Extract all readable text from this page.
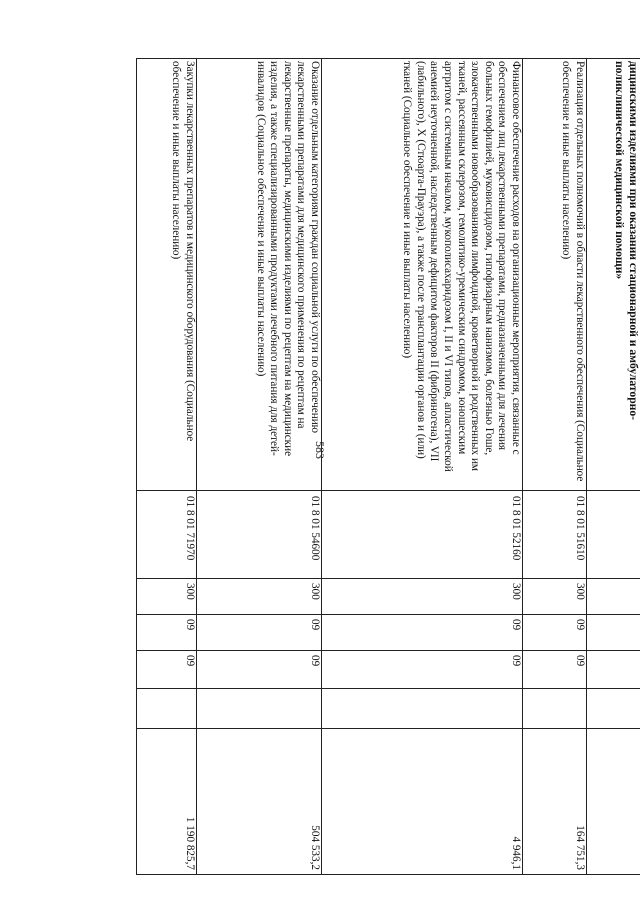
583
дицинскими изделиями при оказании стационарной и амбулаторно-поликлинической медицинской помощи»						
Реализация отдельных полномочий в области лекарственного обеспечения (Социальное обеспечение и иные выплаты населению)	01 8 01 51610	300	09	09		164 751,3
Финансовое обеспечение расходов на организационные мероприятия, связанные с обеспечением лиц лекарственными препаратами, предназначенными для лечения больных гемофилией, муковисцидозом, гипофизарным нанизмом, болезнью Гоше, злокачественными новообразованиями лимфоидной, кроветворной и родственных им тканей, рассеянным склерозом, гемолитико-уремическим синдромом, юношеским артритом с системным началом, мукополисахаридозом I, II и VI типов, апластической анемией неуточненной, наследственным дефицитом факторов II (фибриногена), VII (лабильного), X (Стюарта-Прауэра), а также после трансплантации органов и (или) тканей (Социальное обеспечение и иные выплаты населению)	01 8 01 52160	300	09	09		4 946,1
Оказание отдельным категориям граждан социальной услуги по обеспечению лекарственными препаратами для медицинского применения по рецептам на лекарственные препараты, медицинскими изделиями по рецептам на медицинские изделия, а также специализированными продуктами лечебного питания для детей-инвалидов (Социальное обеспечение и иные выплаты населению)	01 8 01 54600	300	09	09		504 533,2
Закупки лекарственных препаратов и медицинского оборудования (Социальное обеспечение и иные выплаты населению)	01 8 01 71970	300	09	09		1 190 825,7
